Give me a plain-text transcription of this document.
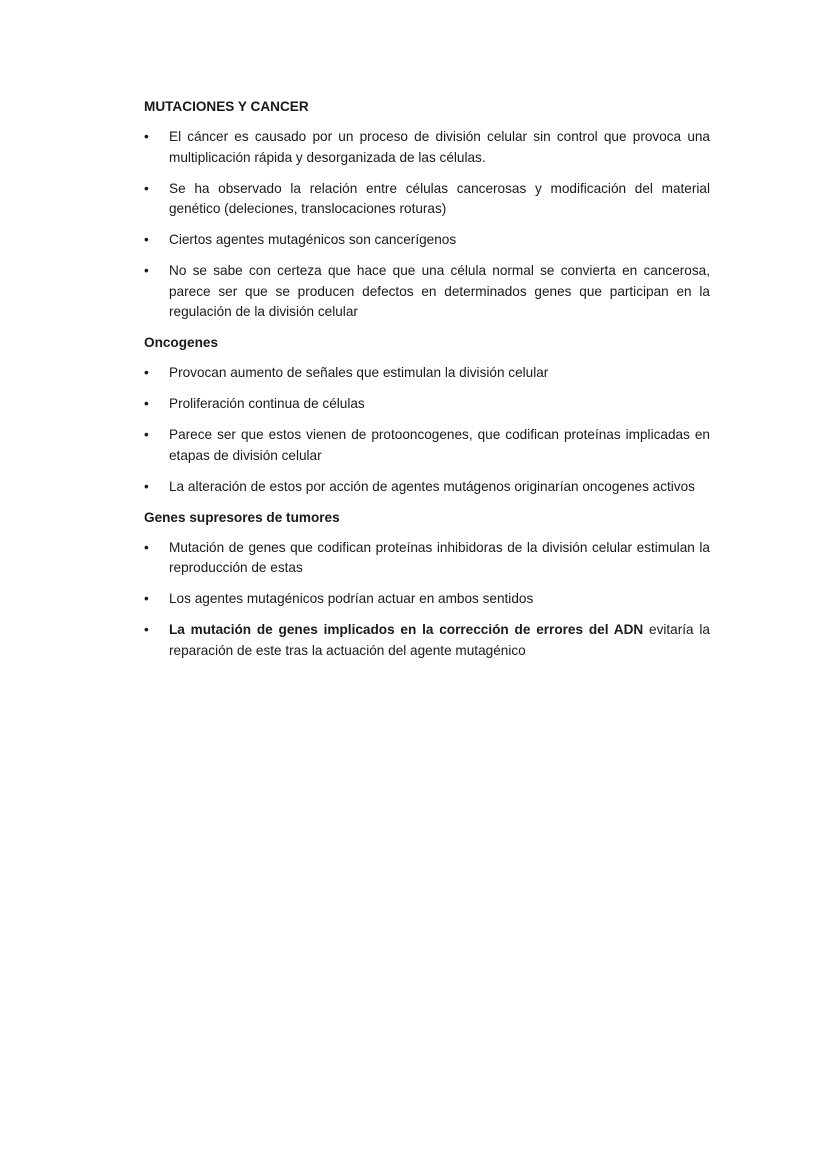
MUTACIONES Y CANCER
•	El cáncer es causado por un proceso de división celular sin control que provoca una multiplicación rápida y desorganizada de las células.
•	Se ha observado la relación entre células cancerosas y modificación del material genético (deleciones, translocaciones roturas)
•	Ciertos agentes mutagénicos son cancerígenos
•	No se sabe con certeza que hace que una célula normal se convierta en cancerosa, parece ser que se producen defectos en determinados genes que participan en la regulación de la división celular
Oncogenes
•	Provocan aumento de señales que estimulan la división celular
•	Proliferación continua de células
•	Parece ser que estos vienen de protooncogenes, que codifican proteínas implicadas en etapas de división celular
•	La alteración de estos por acción de agentes mutágenos originarían oncogenes activos
Genes supresores de tumores
•	Mutación de genes que codifican proteínas inhibidoras de la división celular estimulan la reproducción de estas
•	Los agentes mutagénicos podrían actuar en ambos sentidos
•	La mutación de genes implicados en la corrección de errores del ADN evitaría la reparación de este tras la actuación del agente mutagénico
